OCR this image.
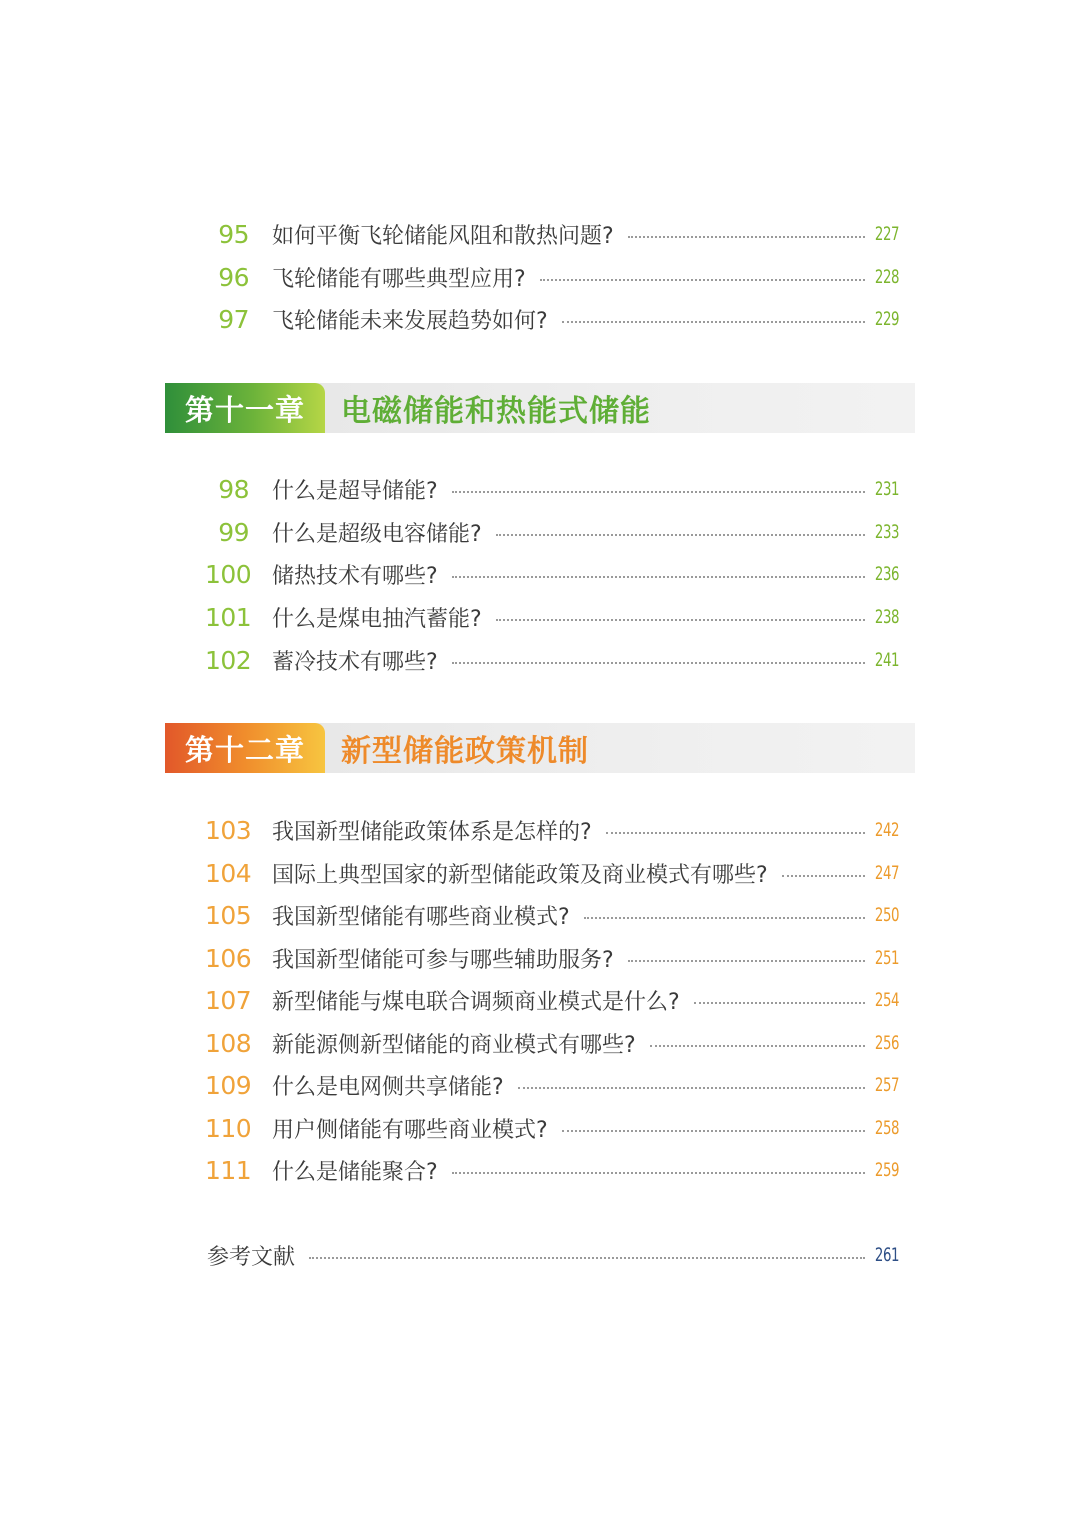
95 如何平衡飞轮储能风阻和散热问题?	227
96 飞轮储能有哪些典型应用?	228
97 飞轮储能未来发展趋势如何?	229
第十一章	电磁储能和热能式储能
98 什么是超导储能?	231
99 什么是超级电容储能?	233
100 储热技术有哪些?	236
101 什么是煤电抽汽蓄能?	238
102 蓄冷技术有哪些?	241
第十二章	新型储能政策机制
103 我国新型储能政策体系是怎样的?	242
104 国际上典型国家的新型储能政策及商业模式有哪些?	247
105 我国新型储能有哪些商业模式?	250
106 我国新型储能可参与哪些辅助服务?	251
107 新型储能与煤电联合调频商业模式是什么?	254
108 新能源侧新型储能的商业模式有哪些?	256
109 什么是电网侧共享储能?	257
110 用户侧储能有哪些商业模式?	258
111 什么是储能聚合?	259
参考文献	261
